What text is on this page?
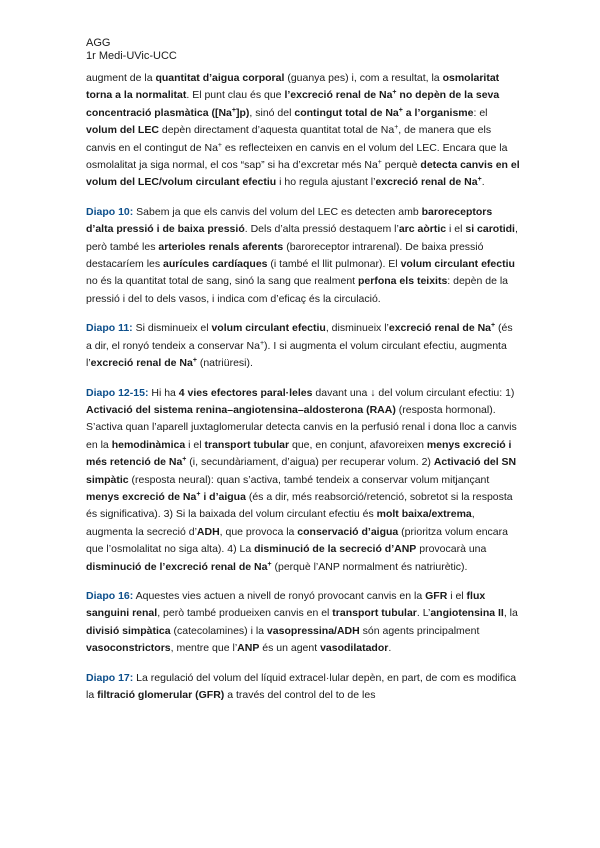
AGG
1r Medi-UVic-UCC

augment de la quantitat d’aigua corporal (guanya pes) i, com a resultat, la osmolaritat torna a la normalitat. El punt clau és que l’excreció renal de Na+ no depèn de la seva concentració plasmàtica ([Na+]p), sinó del contingut total de Na+ a l’organisme: el volum del LEC depèn directament d’aquesta quantitat total de Na+, de manera que els canvis en el contingut de Na+ es reflecteixen en canvis en el volum del LEC. Encara que la osmolalitat ja siga normal, el cos “sap” si ha d’excretar més Na+ perquè detecta canvis en el volum del LEC/volum circulant efectiu i ho regula ajustant l’excreció renal de Na+.

Diapo 10: Sabem ja que els canvis del volum del LEC es detecten amb baroreceptors d’alta pressió i de baixa pressió. Dels d’alta pressió destaquem l’arc aòrtic i el si carotidi, però també les arterioles renals aferents (baroreceptor intrarenal). De baixa pressió destacaríem les aurícules cardíaques (i també el llit pulmonar). El volum circulant efectiu no és la quantitat total de sang, sinó la sang que realment perfona els teixits: depèn de la pressió i del to dels vasos, i indica com d’eficaç és la circulació.

Diapo 11: Si disminueix el volum circulant efectiu, disminueix l’excreció renal de Na+ (és a dir, el ronyó tendeix a conservar Na+). I si augmenta el volum circulant efectiu, augmenta l’excreció renal de Na+ (natriüresi).

Diapo 12-15: Hi ha 4 vies efectores paral·leles davant una ↓ del volum circulant efectiu: 1) Activació del sistema renina–angiotensina–aldosterona (RAA) (resposta hormonal). S’activa quan l’aparell juxtaglomerular detecta canvis en la perfusió renal i dona lloc a canvis en la hemodinàmica i el transport tubular que, en conjunt, afavoreixen menys excreció i més retenció de Na+ (i, secundàriament, d’aigua) per recuperar volum. 2) Activació del SN simpàtic (resposta neural): quan s’activa, també tendeix a conservar volum mitjançant menys excreció de Na+ i d’aigua (és a dir, més reabsorció/retenció, sobretot si la resposta és significativa). 3) Si la baixada del volum circulant efectiu és molt baixa/extrema, augmenta la secreció d’ADH, que provoca la conservació d’aigua (prioritza volum encara que l’osmolalitat no siga alta). 4) La disminució de la secreció d’ANP provocarà una disminució de l’excreció renal de Na+ (perquè l’ANP normalment és natriurètic).

Diapo 16: Aquestes vies actuen a nivell de ronyó provocant canvis en la GFR i el flux sanguini renal, però també produeixen canvis en el transport tubular. L’angiotensina II, la divisió simpàtica (catecolamines) i la vasopressina/ADH són agents principalment vasoconstrictors, mentre que l’ANP és un agent vasodilatador.

Diapo 17: La regulació del volum del líquid extracel·lular depèn, en part, de com es modifica la filtració glomerular (GFR) a través del control del to de les
